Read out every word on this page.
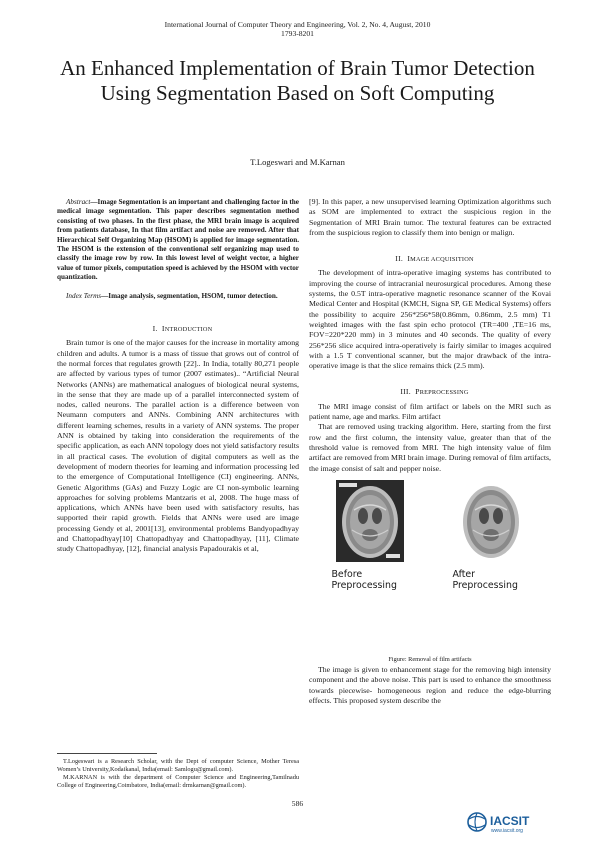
International Journal of Computer Theory and Engineering, Vol. 2, No. 4, August, 2010
1793-8201
An Enhanced Implementation of Brain Tumor Detection Using Segmentation Based on Soft Computing
T.Logeswari and M.Karnan

Abstract—Image Segmentation is an important and challenging factor in the medical image segmentation. This paper describes segmentation method consisting of two phases. In the first phase, the MRI brain image is acquired from patients database, In that film artifact and noise are removed. After that Hierarchical Self Organizing Map (HSOM) is applied for image segmentation. The HSOM is the extension of the conventional self organizing map used to classify the image row by row. In this lowest level of weight vector, a higher value of tumor pixels, computation speed is achieved by the HSOM with vector quantization.

Index Terms—Image analysis, segmentation, HSOM, tumor detection.

I. INTRODUCTION

Brain tumor is one of the major causes for the increase in mortality among children and adults. A tumor is a mass of tissue that grows out of control of the normal forces that regulates growth [22].. In India, totally 80,271 people are affected by various types of tumor (2007 estimates).. “Artificial Neural Networks (ANNs) are mathematical analogues of biological neural systems, in the sense that they are made up of a parallel interconnected system of nodes, called neurons. The parallel action is a difference between von Neumann computers and ANNs. Combining ANN architectures with different learning schemes, results in a variety of ANN systems. The proper ANN is obtained by taking into consideration the requirements of the specific application, as each ANN topology does not yield satisfactory results in all practical cases. The evolution of digital computers as well as the development of modern theories for learning and information processing led to the emergence of Computational Intelligence (CI) engineering. ANNs, Genetic Algorithms (GAs) and Fuzzy Logic are CI non-symbolic learning approaches for solving problems Mantzaris et al, 2008. The huge mass of applications, which ANNs have been used with satisfactory results, has supported their rapid growth. Fields that ANNs were used are image processing Gendy et al, 2001[13], environmental problems Bandyopadhyay and Chattopadhyay[10] Chattopadhyay and Chattopadhyay, [11], Climate study Chattopadhyay, [12], financial analysis Papadourakis et al,

[9]. In this paper, a new unsupervised learning Optimization algorithms such as SOM are implemented to extract the suspicious region in the Segmentation of MRI Brain tumor. The textural features can be extracted from the suspicious region to classify them into benign or malign.

II. IMAGE ACQUISITION

The development of intra-operative imaging systems has contributed to improving the course of intracranial neurosurgical procedures. Among these systems, the 0.5T intra-operative magnetic resonance scanner of the Kovai Medical Center and Hospital (KMCH, Signa SP, GE Medical Systems) offers the possibility to acquire 256*256*58(0.86mm, 0.86mm, 2.5 mm) T1 weighted images with the fast spin echo protocol (TR=400 ,TE=16 ms, FOV=220*220 mm) in 3 minutes and 40 seconds. The quality of every 256*256 slice acquired intra-operatively is fairly similar to images acquired with a 1.5 T conventional scanner, but the major drawback of the intra-operative image is that the slice remains thick (2.5 mm).

III. PREPROCESSING

The MRI image consist of film artifact or labels on the MRI such as patient name, age and marks. Film artifact

That are removed using tracking algorithm. Here, starting from the first row and the first column, the intensity value, greater than that of the threshold value is removed from MRI. The high intensity value of film artifact are removed from MRI brain image. During removal of film artifacts, the image consist of salt and pepper noise.

Before
Preprocessing
After
Preprocessing

Figure: Removal of film artifacts

The image is given to enhancement stage for the removing high intensity component and the above noise. This part is used to enhance the smoothness towards piecewise- homogeneous region and reduce the edge-blurring effects. This proposed system describe the

T.Logeswari is a Research Scholar, with the Dept of computer Science, Mother Teresa Women’s University,Kodaikanal, India(email: Samlogu@gmail.com).

M.KARNAN is with the department of Computer Science and Engineering,Tamilnadu College of Engineering,Coimbatore, India(email: drmkarnan@gmail.com).

586
IACSIT
www.iacsit.org
